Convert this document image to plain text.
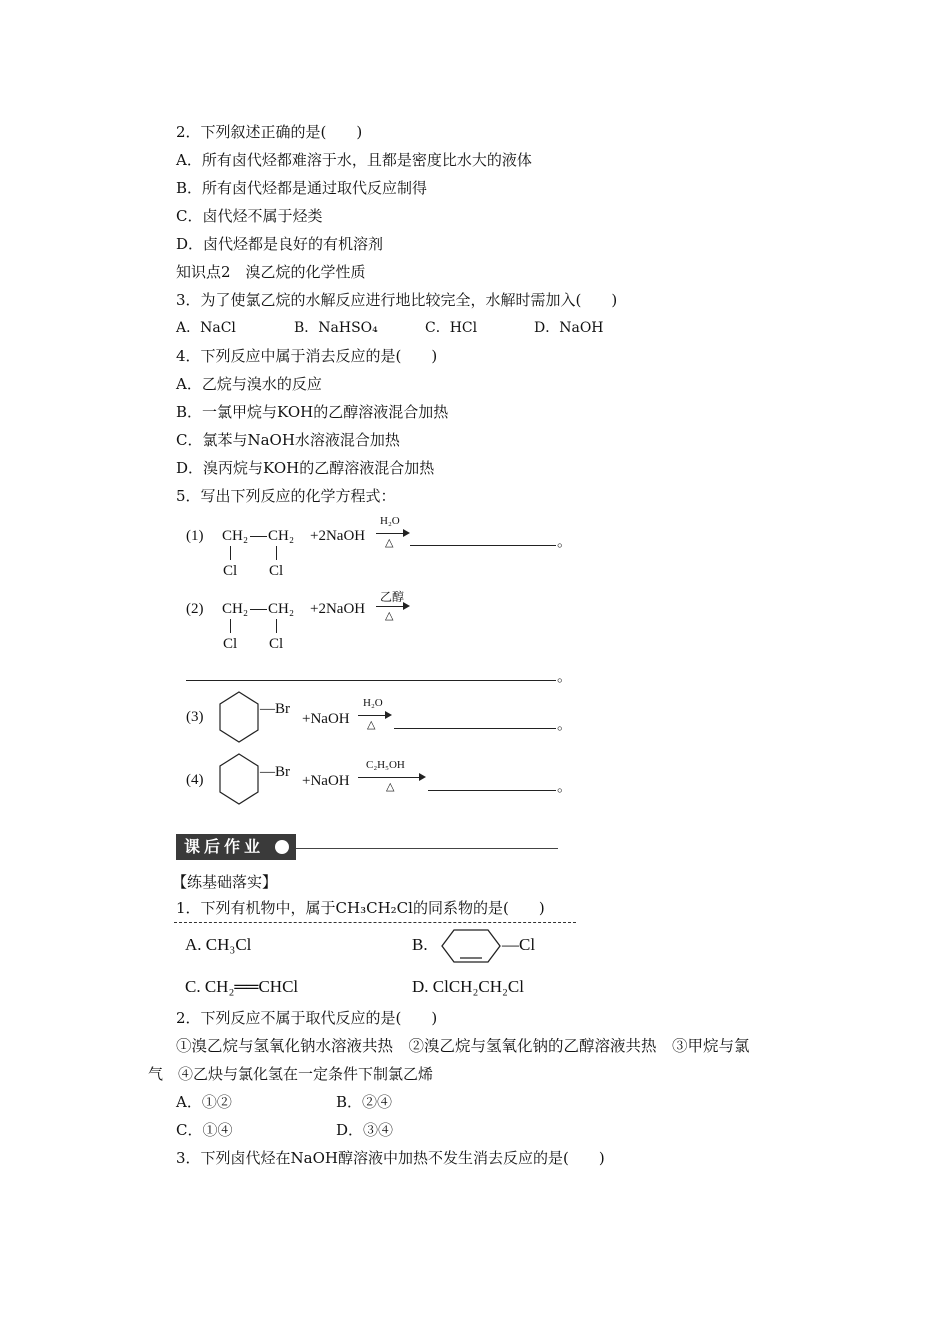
2．下列叙述正确的是(　　)
A．所有卤代烃都难溶于水，且都是密度比水大的液体
B．所有卤代烃都是通过取代反应制得
C．卤代烃不属于烃类
D．卤代烃都是良好的有机溶剂
知识点2　溴乙烷的化学性质
3．为了使氯乙烷的水解反应进行地比较完全，水解时需加入(　　)
A．NaCl	B．NaHSO₄	C．HCl	D．NaOH
4．下列反应中属于消去反应的是(　　)
A．乙烷与溴水的反应
B．一氯甲烷与KOH的乙醇溶液混合加热
C．氯苯与NaOH水溶液混合加热
D．溴丙烷与KOH的乙醇溶液混合加热
5．写出下列反应的化学方程式：
(1) CH₂ CH₂
Cl Cl
+2NaOH
H₂O
△	。
(2) CH₂ CH₂
Cl Cl
+2NaOH
乙醇
△
。
(3)	—Br
+NaOH
H₂O
△	。
(4)	—Br
+NaOH
C₂H₅OH
△	。
课后作业
【练基础落实】
1．下列有机物中，属于CH₃CH₂Cl的同系物的是(　　)
A. CH₃Cl	B.	—Cl
C. CH₂══CHCl	D. ClCH₂CH₂Cl
2．下列反应不属于取代反应的是(　　)
①溴乙烷与氢氧化钠水溶液共热　②溴乙烷与氢氧化钠的乙醇溶液共热　③甲烷与氯
气　④乙炔与氯化氢在一定条件下制氯乙烯
A．①②	B．②④
C．①④	D．③④
3．下列卤代烃在NaOH醇溶液中加热不发生消去反应的是(　　)
